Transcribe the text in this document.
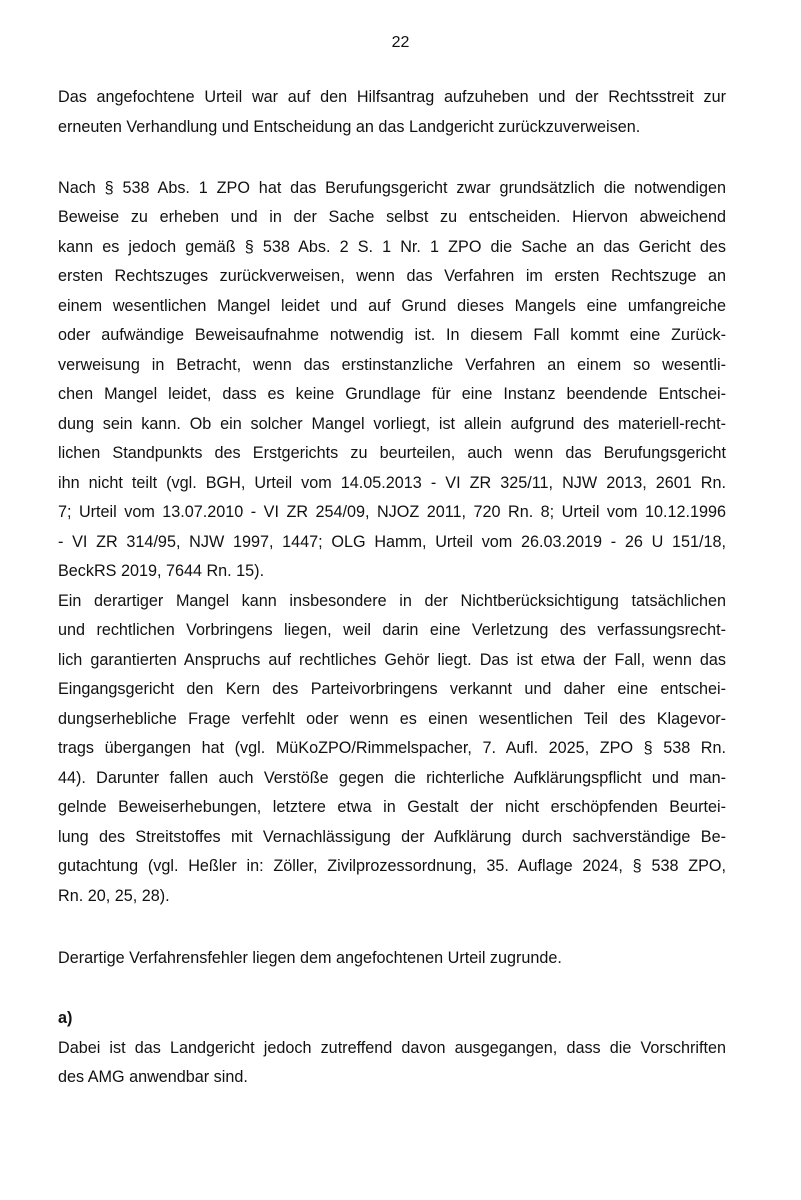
22
Das angefochtene Urteil war auf den Hilfsantrag aufzuheben und der Rechtsstreit zur
erneuten Verhandlung und Entscheidung an das Landgericht zurückzuverweisen.
Nach § 538 Abs. 1 ZPO hat das Berufungsgericht zwar grundsätzlich die notwendigen
Beweise zu erheben und in der Sache selbst zu entscheiden. Hiervon abweichend
kann es jedoch gemäß § 538 Abs. 2 S. 1 Nr. 1 ZPO die Sache an das Gericht des
ersten Rechtszuges zurückverweisen, wenn das Verfahren im ersten Rechtszuge an
einem wesentlichen Mangel leidet und auf Grund dieses Mangels eine umfangreiche
oder aufwändige Beweisaufnahme notwendig ist. In diesem Fall kommt eine Zurück-
verweisung in Betracht, wenn das erstinstanzliche Verfahren an einem so wesentli-
chen Mangel leidet, dass es keine Grundlage für eine Instanz beendende Entschei-
dung sein kann. Ob ein solcher Mangel vorliegt, ist allein aufgrund des materiell-recht-
lichen Standpunkts des Erstgerichts zu beurteilen, auch wenn das Berufungsgericht
ihn nicht teilt (vgl. BGH, Urteil vom 14.05.2013 - VI ZR 325/11, NJW 2013, 2601 Rn.
7; Urteil vom 13.07.2010 - VI ZR 254/09, NJOZ 2011, 720 Rn. 8; Urteil vom 10.12.1996
- VI ZR 314/95, NJW 1997, 1447; OLG Hamm, Urteil vom 26.03.2019 - 26 U 151/18,
BeckRS 2019, 7644 Rn. 15).
Ein derartiger Mangel kann insbesondere in der Nichtberücksichtigung tatsächlichen
und rechtlichen Vorbringens liegen, weil darin eine Verletzung des verfassungsrecht-
lich garantierten Anspruchs auf rechtliches Gehör liegt. Das ist etwa der Fall, wenn das
Eingangsgericht den Kern des Parteivorbringens verkannt und daher eine entschei-
dungserhebliche Frage verfehlt oder wenn es einen wesentlichen Teil des Klagevor-
trags übergangen hat (vgl. MüKoZPO/Rimmelspacher, 7. Aufl. 2025, ZPO § 538 Rn.
44). Darunter fallen auch Verstöße gegen die richterliche Aufklärungspflicht und man-
gelnde Beweiserhebungen, letztere etwa in Gestalt der nicht erschöpfenden Beurtei-
lung des Streitstoffes mit Vernachlässigung der Aufklärung durch sachverständige Be-
gutachtung (vgl. Heßler in: Zöller, Zivilprozessordnung, 35. Auflage 2024, § 538 ZPO,
Rn. 20, 25, 28).
Derartige Verfahrensfehler liegen dem angefochtenen Urteil zugrunde.
a)
Dabei ist das Landgericht jedoch zutreffend davon ausgegangen, dass die Vorschriften
des AMG anwendbar sind.
